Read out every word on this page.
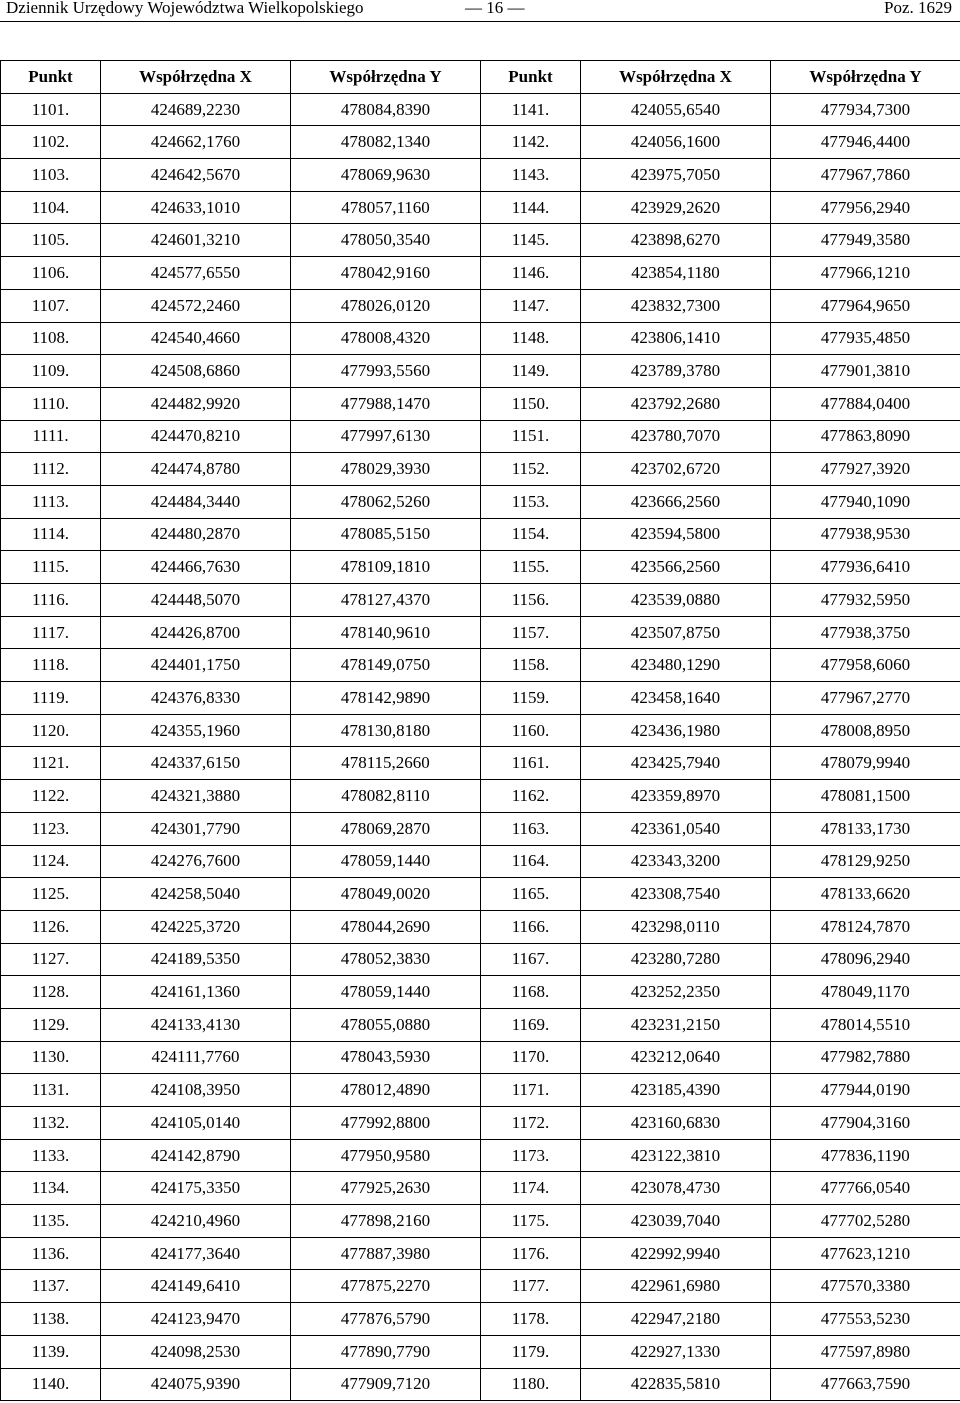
Dziennik Urzędowy Województwa Wielkopolskiego	— 16 —	Poz. 1629
Punkt	Współrzędna X	Współrzędna Y	Punkt	Współrzędna X	Współrzędna Y
1101.	424689,2230	478084,8390	1141.	424055,6540	477934,7300
1102.	424662,1760	478082,1340	1142.	424056,1600	477946,4400
1103.	424642,5670	478069,9630	1143.	423975,7050	477967,7860
1104.	424633,1010	478057,1160	1144.	423929,2620	477956,2940
1105.	424601,3210	478050,3540	1145.	423898,6270	477949,3580
1106.	424577,6550	478042,9160	1146.	423854,1180	477966,1210
1107.	424572,2460	478026,0120	1147.	423832,7300	477964,9650
1108.	424540,4660	478008,4320	1148.	423806,1410	477935,4850
1109.	424508,6860	477993,5560	1149.	423789,3780	477901,3810
1110.	424482,9920	477988,1470	1150.	423792,2680	477884,0400
1111.	424470,8210	477997,6130	1151.	423780,7070	477863,8090
1112.	424474,8780	478029,3930	1152.	423702,6720	477927,3920
1113.	424484,3440	478062,5260	1153.	423666,2560	477940,1090
1114.	424480,2870	478085,5150	1154.	423594,5800	477938,9530
1115.	424466,7630	478109,1810	1155.	423566,2560	477936,6410
1116.	424448,5070	478127,4370	1156.	423539,0880	477932,5950
1117.	424426,8700	478140,9610	1157.	423507,8750	477938,3750
1118.	424401,1750	478149,0750	1158.	423480,1290	477958,6060
1119.	424376,8330	478142,9890	1159.	423458,1640	477967,2770
1120.	424355,1960	478130,8180	1160.	423436,1980	478008,8950
1121.	424337,6150	478115,2660	1161.	423425,7940	478079,9940
1122.	424321,3880	478082,8110	1162.	423359,8970	478081,1500
1123.	424301,7790	478069,2870	1163.	423361,0540	478133,1730
1124.	424276,7600	478059,1440	1164.	423343,3200	478129,9250
1125.	424258,5040	478049,0020	1165.	423308,7540	478133,6620
1126.	424225,3720	478044,2690	1166.	423298,0110	478124,7870
1127.	424189,5350	478052,3830	1167.	423280,7280	478096,2940
1128.	424161,1360	478059,1440	1168.	423252,2350	478049,1170
1129.	424133,4130	478055,0880	1169.	423231,2150	478014,5510
1130.	424111,7760	478043,5930	1170.	423212,0640	477982,7880
1131.	424108,3950	478012,4890	1171.	423185,4390	477944,0190
1132.	424105,0140	477992,8800	1172.	423160,6830	477904,3160
1133.	424142,8790	477950,9580	1173.	423122,3810	477836,1190
1134.	424175,3350	477925,2630	1174.	423078,4730	477766,0540
1135.	424210,4960	477898,2160	1175.	423039,7040	477702,5280
1136.	424177,3640	477887,3980	1176.	422992,9940	477623,1210
1137.	424149,6410	477875,2270	1177.	422961,6980	477570,3380
1138.	424123,9470	477876,5790	1178.	422947,2180	477553,5230
1139.	424098,2530	477890,7790	1179.	422927,1330	477597,8980
1140.	424075,9390	477909,7120	1180.	422835,5810	477663,7590
